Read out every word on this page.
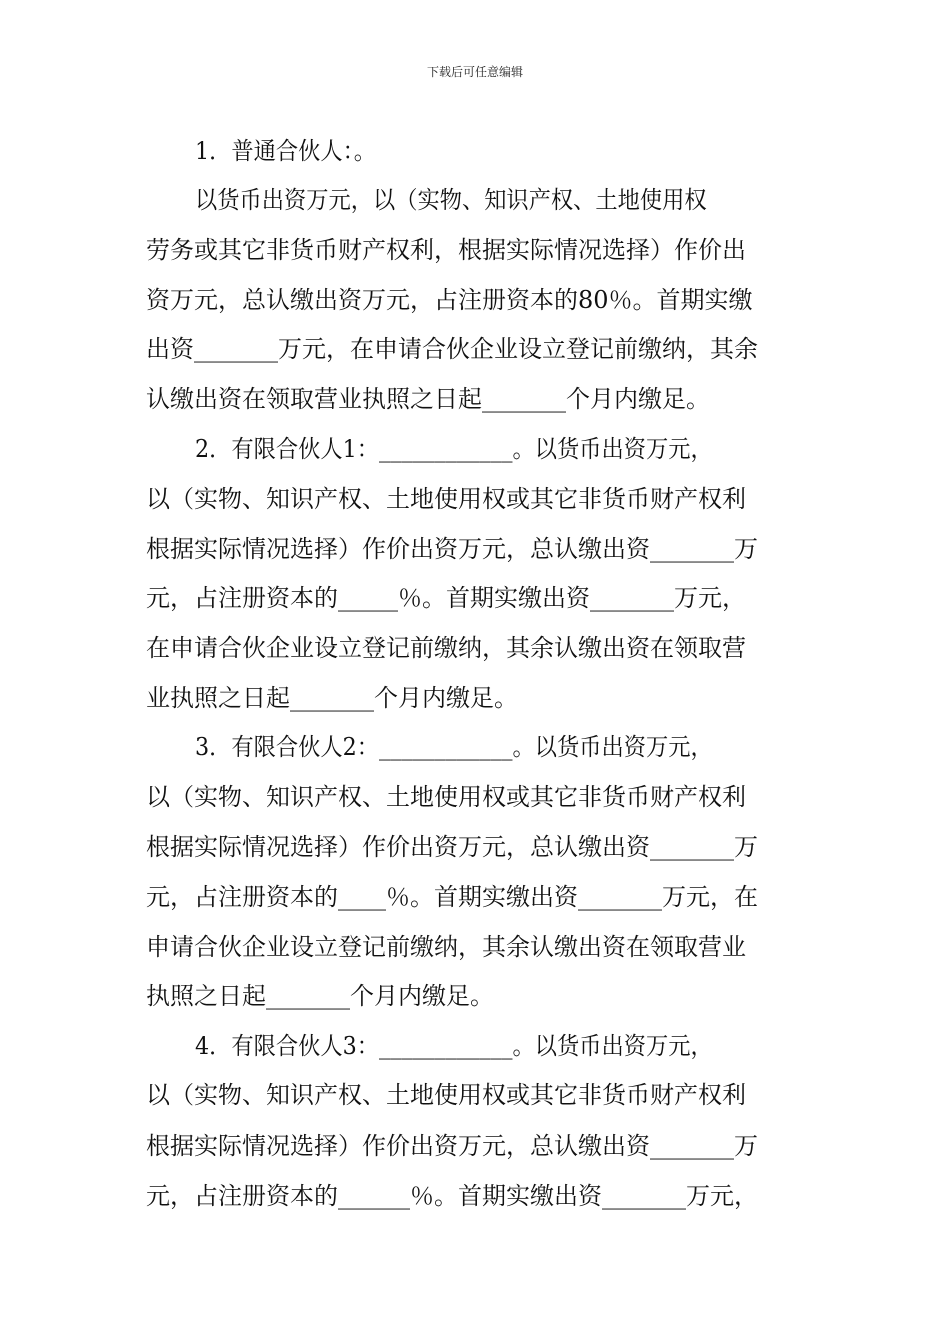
下载后可任意编辑
1．普通合伙人：。
以货币出资万元，以（实物、知识产权、土地使用权
劳务或其它非货币财产权利，根据实际情况选择）作价出
资万元，总认缴出资万元，占注册资本的80％。首期实缴
出资_______万元，在申请合伙企业设立登记前缴纳，其余
认缴出资在领取营业执照之日起_______个月内缴足。
2．有限合伙人1：____________。以货币出资万元，
以（实物、知识产权、土地使用权或其它非货币财产权利
根据实际情况选择）作价出资万元，总认缴出资_______万
元，占注册资本的_____％。首期实缴出资_______万元，
在申请合伙企业设立登记前缴纳，其余认缴出资在领取营
业执照之日起_______个月内缴足。
3．有限合伙人2：____________。以货币出资万元，
以（实物、知识产权、土地使用权或其它非货币财产权利
根据实际情况选择）作价出资万元，总认缴出资_______万
元，占注册资本的____％。首期实缴出资_______万元，在
申请合伙企业设立登记前缴纳，其余认缴出资在领取营业
执照之日起_______个月内缴足。
4．有限合伙人3：____________。以货币出资万元，
以（实物、知识产权、土地使用权或其它非货币财产权利
根据实际情况选择）作价出资万元，总认缴出资_______万
元，占注册资本的______％。首期实缴出资_______万元，
